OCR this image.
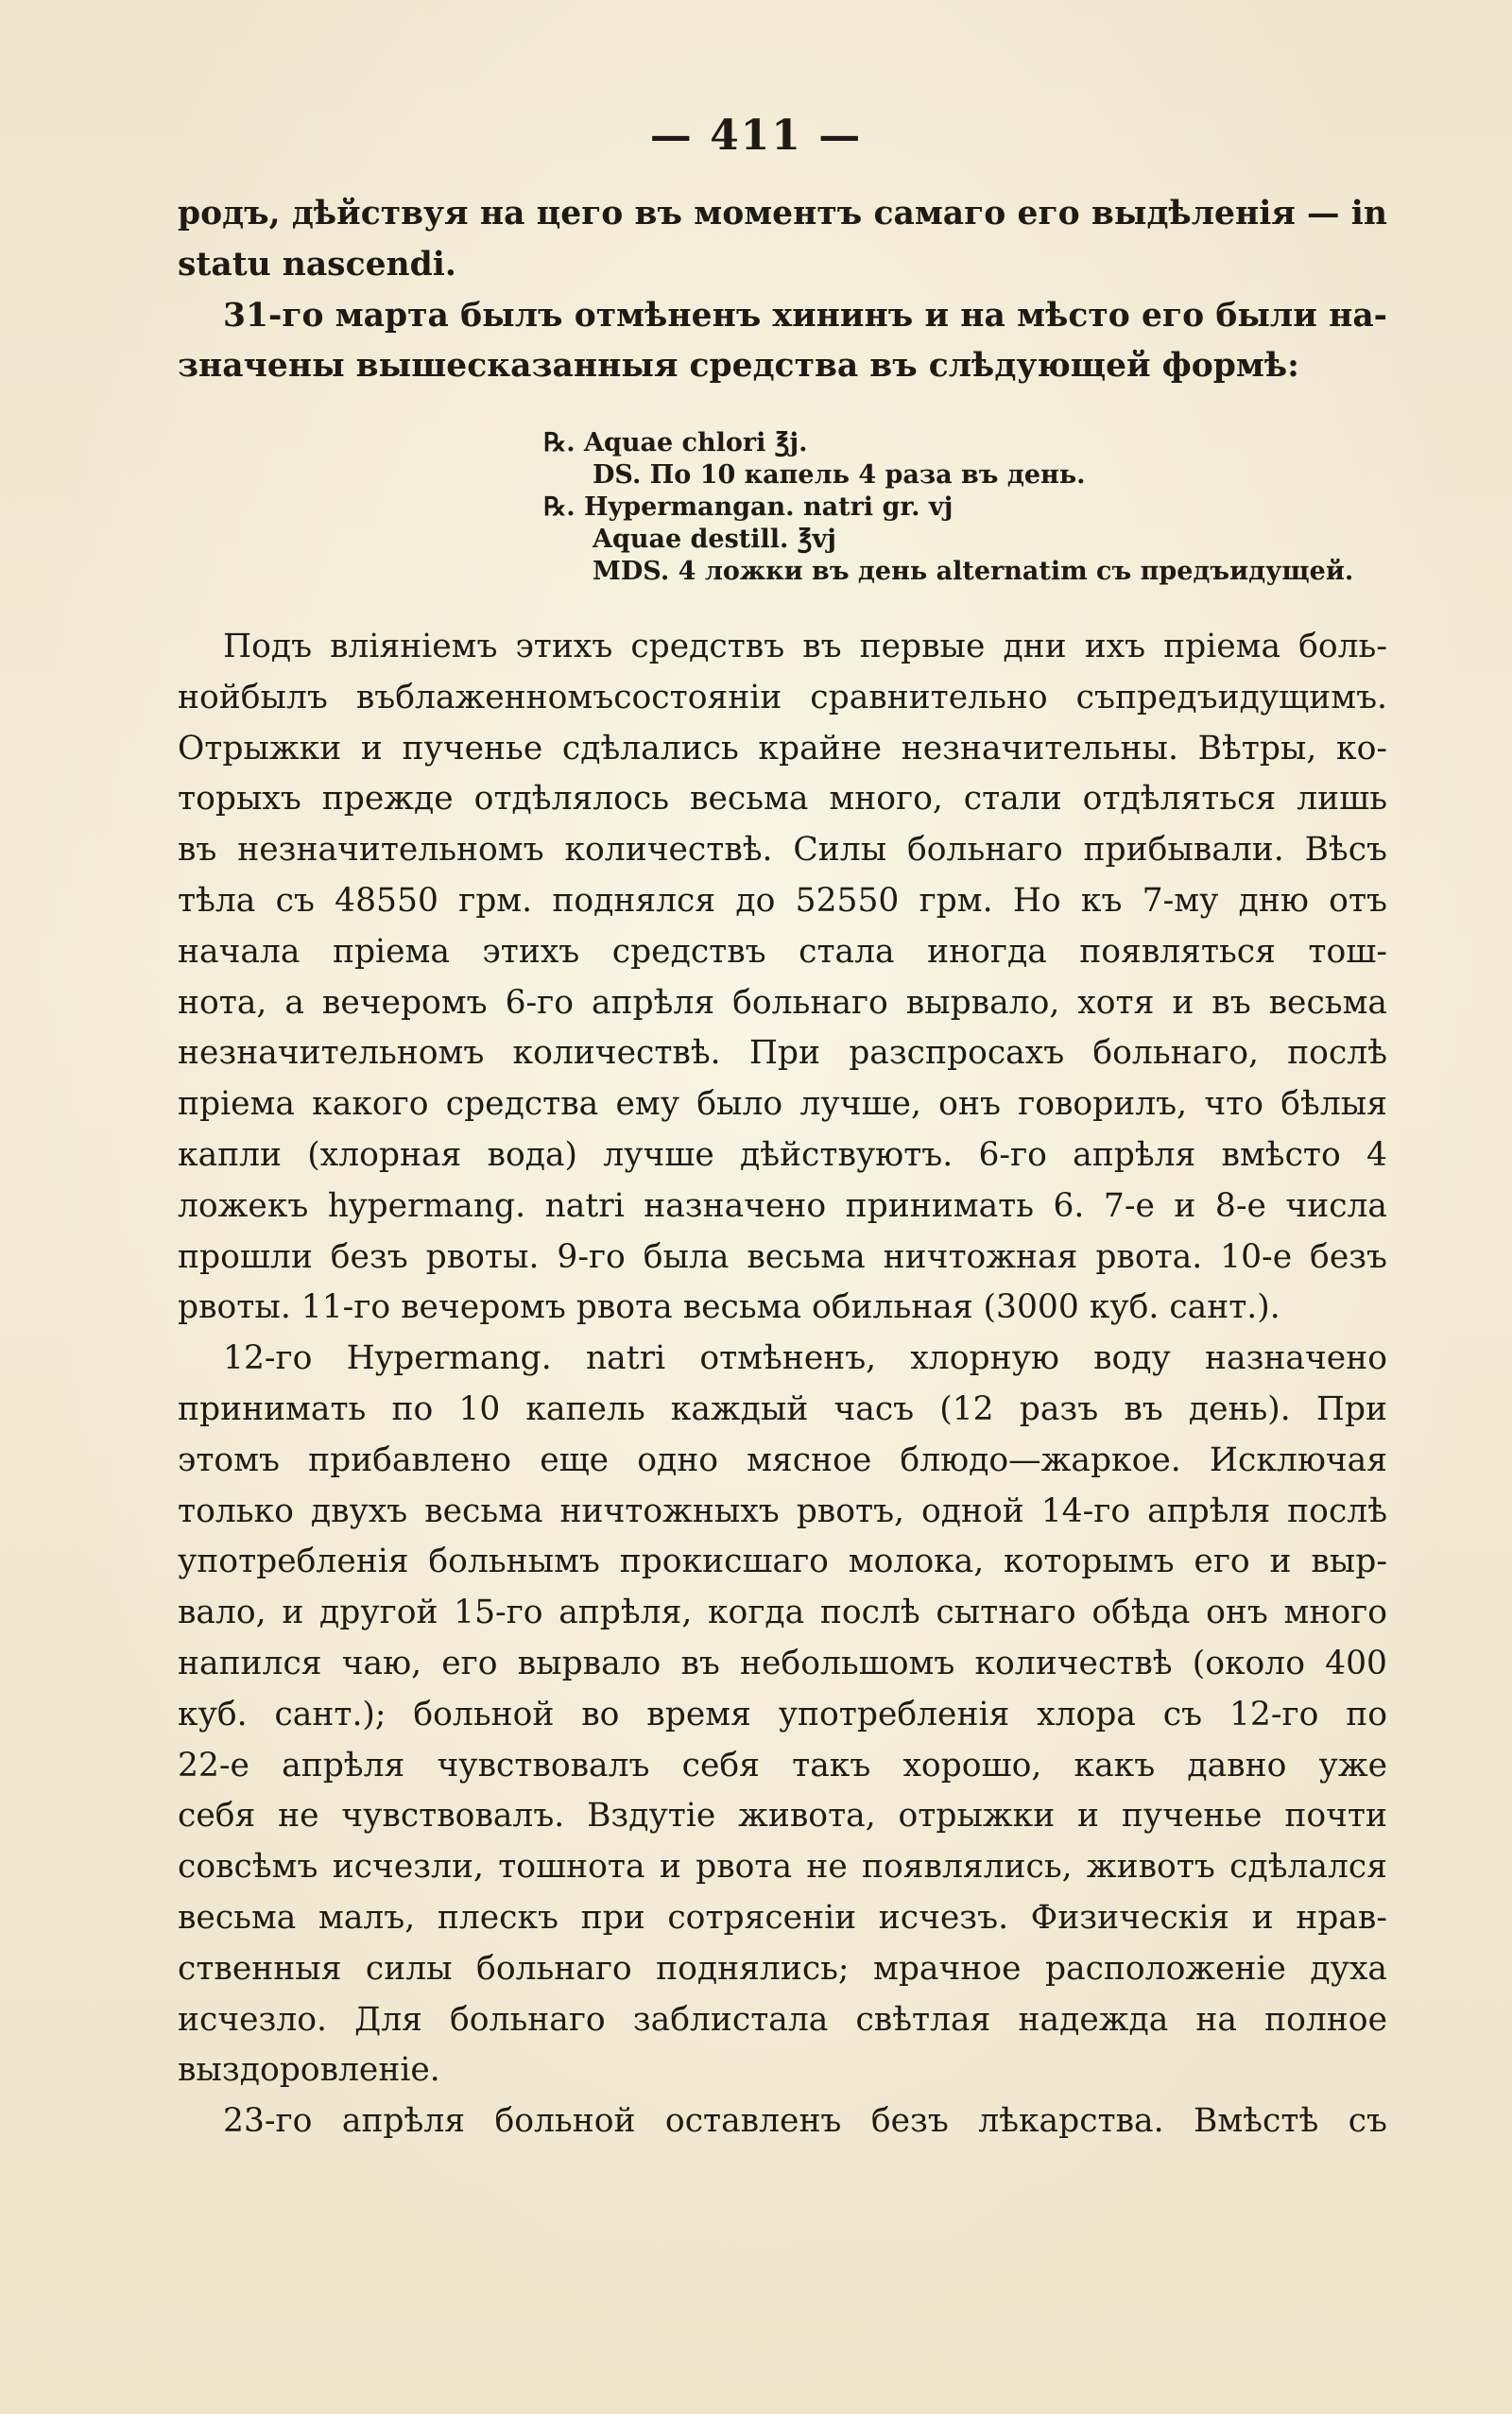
— 411 —

родъ, дѣйствуя на цего въ моментъ самаго его выдѣленія — in
statu nascendi.

31-го марта былъ отмѣненъ хининъ и на мѣсто его были на-
значены вышесказанныя средства въ слѣдующей формѣ:

℞. Aquae chlori ℥j.
DS. По 10 капель 4 раза въ день.
℞. Hypermangan. natri gr. vj
Aquae destill. ℥vj
MDS. 4 ложки въ день alternatim съ предъидущей.

Подъ вліяніемъ этихъ средствъ въ первые дни ихъ пріема боль-
нойбылъ въблаженномъсостояніи сравнительно съпредъидущимъ.
Отрыжки и пученье сдѣлались крайне незначительны. Вѣтры, ко-
торыхъ прежде отдѣлялось весьма много, стали отдѣляться лишь
въ незначительномъ количествѣ. Силы больнаго прибывали. Вѣсъ
тѣла съ 48550 грм. поднялся до 52550 грм. Но къ 7-му дню отъ
начала пріема этихъ средствъ стала иногда появляться тош-
нота, а вечеромъ 6-го апрѣля больнаго вырвало, хотя и въ весьма
незначительномъ количествѣ. При разспросахъ больнаго, послѣ
пріема какого средства ему было лучше, онъ говорилъ, что бѣлыя
капли (хлорная вода) лучше дѣйствуютъ. 6-го апрѣля вмѣсто 4
ложекъ hypermang. natri назначено принимать 6. 7-е и 8-е числа
прошли безъ рвоты. 9-го была весьма ничтожная рвота. 10-е безъ
рвоты. 11-го вечеромъ рвота весьма обильная (3000 куб. сант.).

12-го Hypermang. natri отмѣненъ, хлорную воду назначено
принимать по 10 капель каждый часъ (12 разъ въ день). При
этомъ прибавлено еще одно мясное блюдо—жаркое. Исключая
только двухъ весьма ничтожныхъ рвотъ, одной 14-го апрѣля послѣ
употребленія больнымъ прокисшаго молока, которымъ его и выр-
вало, и другой 15-го апрѣля, когда послѣ сытнаго обѣда онъ много
напился чаю, его вырвало въ небольшомъ количествѣ (около 400
куб. сант.); больной во время употребленія хлора съ 12-го по
22-е апрѣля чувствовалъ себя такъ хорошо, какъ давно уже
себя не чувствовалъ. Вздутіе живота, отрыжки и пученье почти
совсѣмъ исчезли, тошнота и рвота не появлялись, животъ сдѣлался
весьма малъ, плескъ при сотрясеніи исчезъ. Физическія и нрав-
ственныя силы больнаго поднялись; мрачное расположеніе духа
исчезло. Для больнаго заблистала свѣтлая надежда на полное
выздоровленіе.

23-го апрѣля больной оставленъ безъ лѣкарства. Вмѣстѣ съ
